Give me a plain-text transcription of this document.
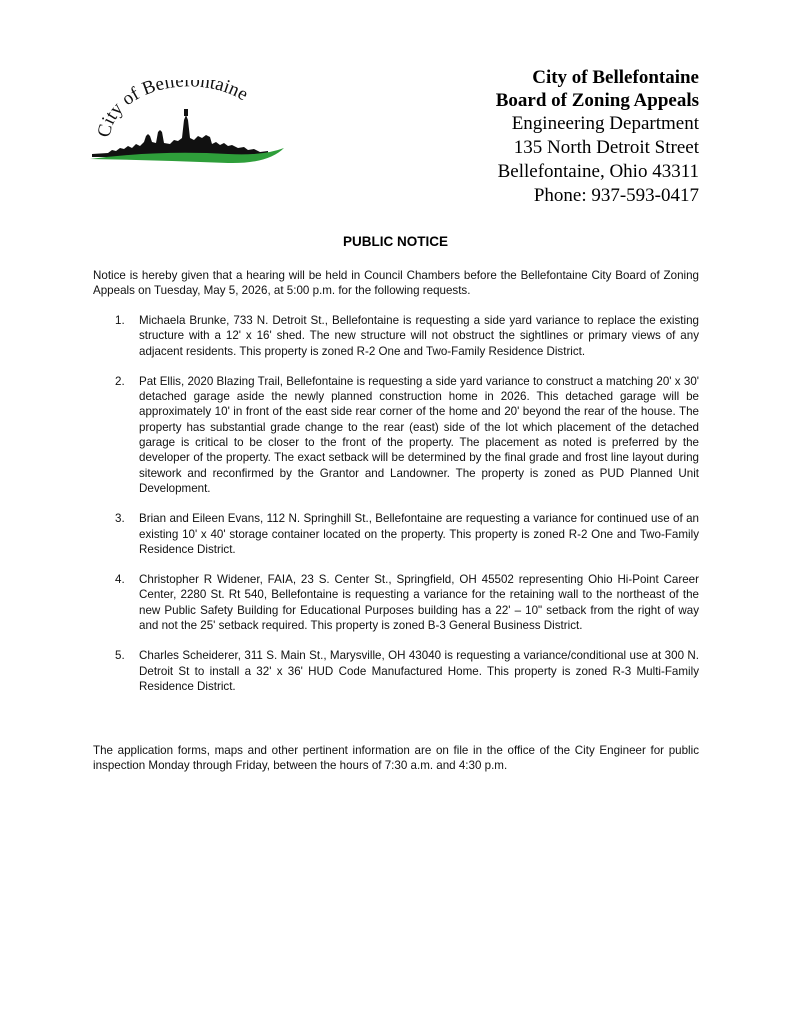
City of Bellefontaine
City of Bellefontaine
Board of Zoning Appeals
Engineering Department
135 North Detroit Street
Bellefontaine, Ohio 43311
Phone: 937-593-0417
PUBLIC NOTICE
Notice is hereby given that a hearing will be held in Council Chambers before the Bellefontaine City Board of Zoning Appeals on Tuesday, May 5, 2026, at 5:00 p.m. for the following requests.
1. Michaela Brunke, 733 N. Detroit St., Bellefontaine is requesting a side yard variance to replace the existing structure with a 12' x 16' shed. The new structure will not obstruct the sightlines or primary views of any adjacent residents. This property is zoned R-2 One and Two-Family Residence District.
2. Pat Ellis, 2020 Blazing Trail, Bellefontaine is requesting a side yard variance to construct a matching 20' x 30' detached garage aside the newly planned construction home in 2026. This detached garage will be approximately 10' in front of the east side rear corner of the home and 20' beyond the rear of the house. The property has substantial grade change to the rear (east) side of the lot which placement of the detached garage is critical to be closer to the front of the property. The placement as noted is preferred by the developer of the property. The exact setback will be determined by the final grade and frost line layout during sitework and reconfirmed by the Grantor and Landowner. The property is zoned as PUD Planned Unit Development.
3. Brian and Eileen Evans, 112 N. Springhill St., Bellefontaine are requesting a variance for continued use of an existing 10' x 40' storage container located on the property. This property is zoned R-2 One and Two-Family Residence District.
4. Christopher R Widener, FAIA, 23 S. Center St., Springfield, OH 45502 representing Ohio Hi-Point Career Center, 2280 St. Rt 540, Bellefontaine is requesting a variance for the retaining wall to the northeast of the new Public Safety Building for Educational Purposes building has a 22' – 10" setback from the right of way and not the 25' setback required. This property is zoned B-3 General Business District.
5. Charles Scheiderer, 311 S. Main St., Marysville, OH 43040 is requesting a variance/conditional use at 300 N. Detroit St to install a 32' x 36' HUD Code Manufactured Home. This property is zoned R-3 Multi-Family Residence District.
The application forms, maps and other pertinent information are on file in the office of the City Engineer for public inspection Monday through Friday, between the hours of 7:30 a.m. and 4:30 p.m.
